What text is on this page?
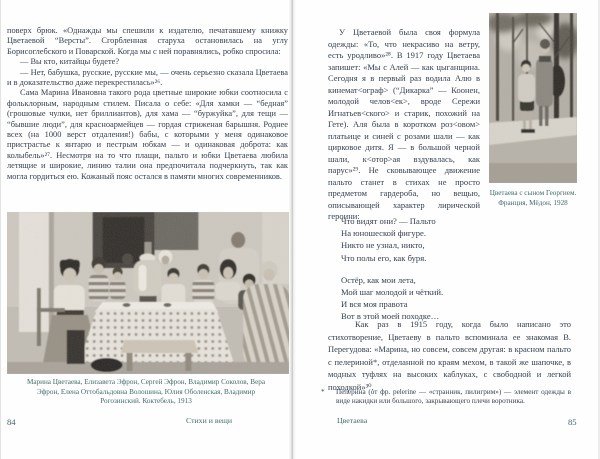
поверх брюк. «Однажды мы спешили к издателю, печатавшему книжку Цветаевой “Версты”. Сгорбленная старуха остановилась на углу Борисоглебского и Поварской. Когда мы с ней поравнялись, робко спросила:

— Вы кто, китайцы будете?

— Нет, бабушка, русские, русские мы, — очень серьезно сказала Цветаева и в доказательство даже перекрестилась»²⁶.

Сама Марина Ивановна такого рода цветные широкие юбки соотносила с фольклорным, народным стилем. Писала о себе: «Для хамки — “бедная” (грошовые чулки, нет бриллиантов), для хама — “буржуйка”, для тещи — “бывшие люди”, для красноармейцев — гордая стриженая барышня. Роднее всех (на 1000 верст отдаления!) бабы, с которыми у меня одинаковое пристрастье к янтарю и пестрым юбкам — и одинаковая доброта: как колыбель»²⁷. Несмотря на то что плащи, пальто и юбки Цветаева любила летящие и широкие, линию талии она предпочитала подчеркнуть, так как могла гордиться ею. Кожаный пояс остался в памяти многих современников.

Марина Цветаева, Елизавета Эфрон, Сергей Эфрон, Владимир Соколов, Вера Эфрон, Елена Оттобальдовна Волошина, Юлия Оболенская, Владимир Рогозинский. Коктебель, 1913
84	Стихи и вещи

У Цветаевой была своя формула одежды: «То, что некрасиво на ветру, есть уродливо»²⁸. В 1917 году Цветаева запишет: «Мы с Алей — как цыганщина. Сегодня я в первый раз водила Алю в кинемат<ограф> (“Дикарка” — Коонен, молодой челов<ек>, вроде Сережи Игнатьев<ского> и старик, похожий на Гете). Аля была в коротком роз<овом> платьице и синей с розами шали — как цирковое дитя. Я — в большой черной шали, к<отор>ая вздувалась, как парус»²⁹. Не сковывающее движение пальто станет в стихах не просто предметом гардероба, но вещью, описывающей характер лирической героини:

Цветаева с сыном Георгием. Франция, Мёдон, 1928
Что видят они? — Пальто
На юношеской фигуре.
Никто не узнал, никто,
Что полы его, как буря.
Остёр, как мои лета,
Мой шаг молодой и чёткий.
И вся моя правота
Вот в этой моей походке…

Как раз в 1915 году, когда было написано это стихотворение, Цветаеву в пальто вспоминала ее знакомая В. Перегудова: «Марина, но совсем, совсем другая: в красном пальто с пелериной*, отделанной по краям мехом, в такой же шапочке, в модных туфлях на высоких каблуках, с свободной и легкой походкой»³⁰.

*	Пелерина (от фр. pelerine — «странник, пилигрим») — элемент одежды в виде накидки или большого, закрывающего плечи воротника.
Цветаева	85
